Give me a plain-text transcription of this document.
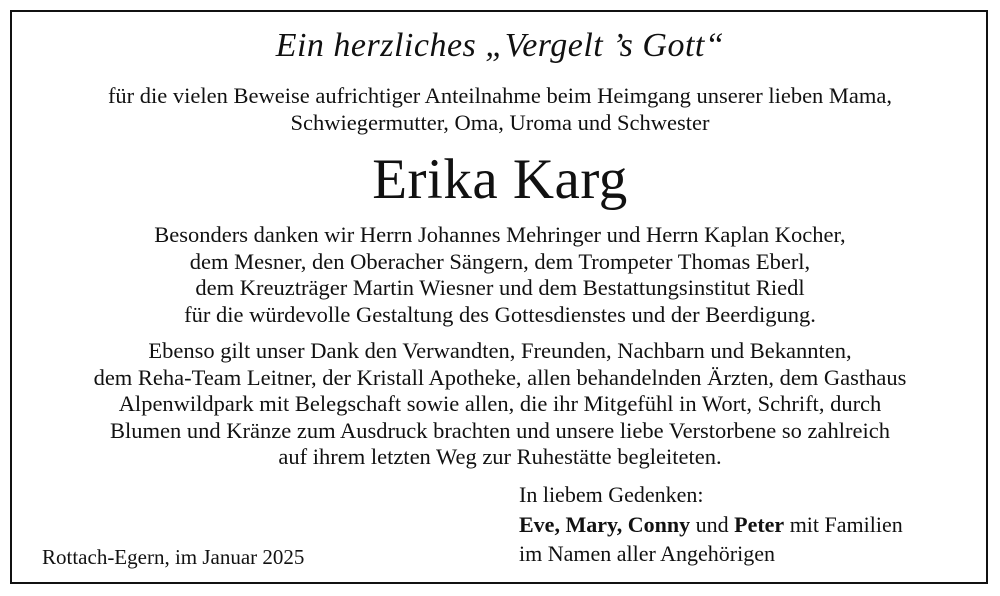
Ein herzliches „Vergelt ’s Gott“
für die vielen Beweise aufrichtiger Anteilnahme beim Heimgang unserer lieben Mama,
Schwiegermutter, Oma, Uroma und Schwester
Erika Karg
Besonders danken wir Herrn Johannes Mehringer und Herrn Kaplan Kocher,
dem Mesner, den Oberacher Sängern, dem Trompeter Thomas Eberl,
dem Kreuzträger Martin Wiesner und dem Bestattungsinstitut Riedl
für die würdevolle Gestaltung des Gottesdienstes und der Beerdigung.
Ebenso gilt unser Dank den Verwandten, Freunden, Nachbarn und Bekannten,
dem Reha-Team Leitner, der Kristall Apotheke, allen behandelnden Ärzten, dem Gasthaus
Alpenwildpark mit Belegschaft sowie allen, die ihr Mitgefühl in Wort, Schrift, durch
Blumen und Kränze zum Ausdruck brachten und unsere liebe Verstorbene so zahlreich
auf ihrem letzten Weg zur Ruhestätte begleiteten.
Rottach-Egern, im Januar 2025
In liebem Gedenken:
Eve, Mary, Conny und Peter mit Familien
im Namen aller Angehörigen
